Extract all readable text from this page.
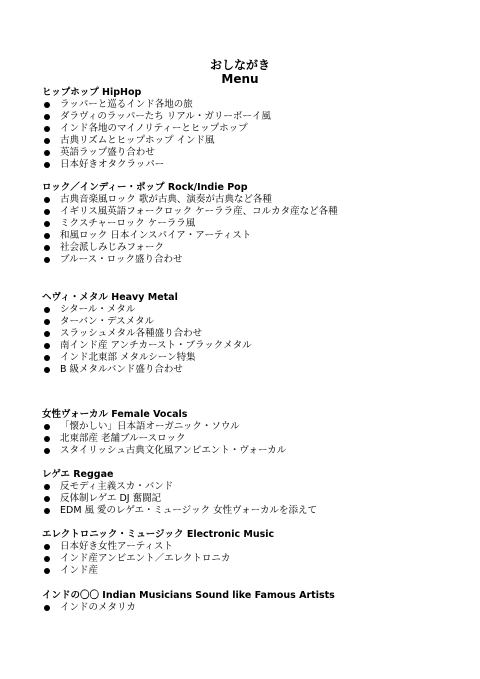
おしながき
Menu
ヒップホップ HipHop
ラッパーと巡るインド各地の旅
ダラヴィのラッパーたち リアル・ガリーボーイ風
インド各地のマイノリティーとヒップホップ
古典リズムとヒップホップ インド風
英語ラップ盛り合わせ
日本好きオタクラッパー
ロック／インディー・ポップ Rock/Indie Pop
古典音楽風ロック 歌が古典、演奏が古典など各種
イギリス風英語フォークロック ケーララ産、コルカタ産など各種
ミクスチャーロック ケーララ風
和風ロック 日本インスパイア・アーティスト
社会派しみじみフォーク
ブルース・ロック盛り合わせ
ヘヴィ・メタル Heavy Metal
シタール・メタル
ターバン・デスメタル
スラッシュメタル各種盛り合わせ
南インド産 アンチカースト・ブラックメタル
インド北東部 メタルシーン特集
B 級メタルバンド盛り合わせ
女性ヴォーカル Female Vocals
「懐かしい」日本語オーガニック・ソウル
北東部産 老舗ブルースロック
スタイリッシュ古典文化風アンビエント・ヴォーカル
レゲエ Reggae
反モディ主義スカ・バンド
反体制レゲエ DJ 奮闘記
EDM 風 愛のレゲエ・ミュージック 女性ヴォーカルを添えて
エレクトロニック・ミュージック Electronic Music
日本好き女性アーティスト
インド産アンビエント／エレクトロニカ
インド産
インドの〇〇 Indian Musicians Sound like Famous Artists
インドのメタリカ
